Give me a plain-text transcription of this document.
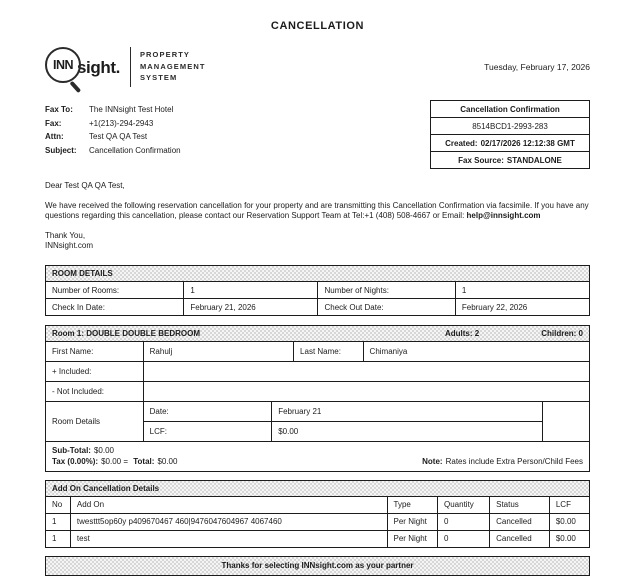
CANCELLATION
INN sight.
PROPERTY
MANAGEMENT
SYSTEM
Tuesday, February 17, 2026
Fax To:	The INNsight Test Hotel
Fax:	+1(213)-294-2943
Attn:	Test QA QA Test
Subject:	Cancellation Confirmation
Cancellation Confirmation
8514BCD1-2993-283
Created: 02/17/2026 12:12:38 GMT
Fax Source: STANDALONE
Dear Test QA QA Test,
We have received the following reservation cancellation for your property and are transmitting this Cancellation Confirmation via facsimile. If you have any questions regarding this cancellation, please contact our Reservation Support Team at Tel:+1 (408) 508-4667 or Email: help@innsight.com
Thank You,
INNsight.com
ROOM DETAILS
Number of Rooms:	1	Number of Nights:	1
Check In Date:	February 21, 2026	Check Out Date:	February 22, 2026
Room 1: DOUBLE DOUBLE BEDROOM	Adults: 2	Children: 0
First Name:	Rahulj	Last Name:	Chimaniya
+ Included:
- Not Included:
Room Details
Date:	February 21
LCF:	$0.00
Sub-Total: $0.00
Tax (0.00%): $0.00 = Total: $0.00	Note: Rates include Extra Person/Child Fees
Add On Cancellation Details
No	Add On	Type	Quantity	Status	LCF
1	twesttt5op60y p409670467 460|9476047604967 4067460	Per Night	0	Cancelled	$0.00
1	test	Per Night	0	Cancelled	$0.00
Thanks for selecting INNsight.com as your partner
